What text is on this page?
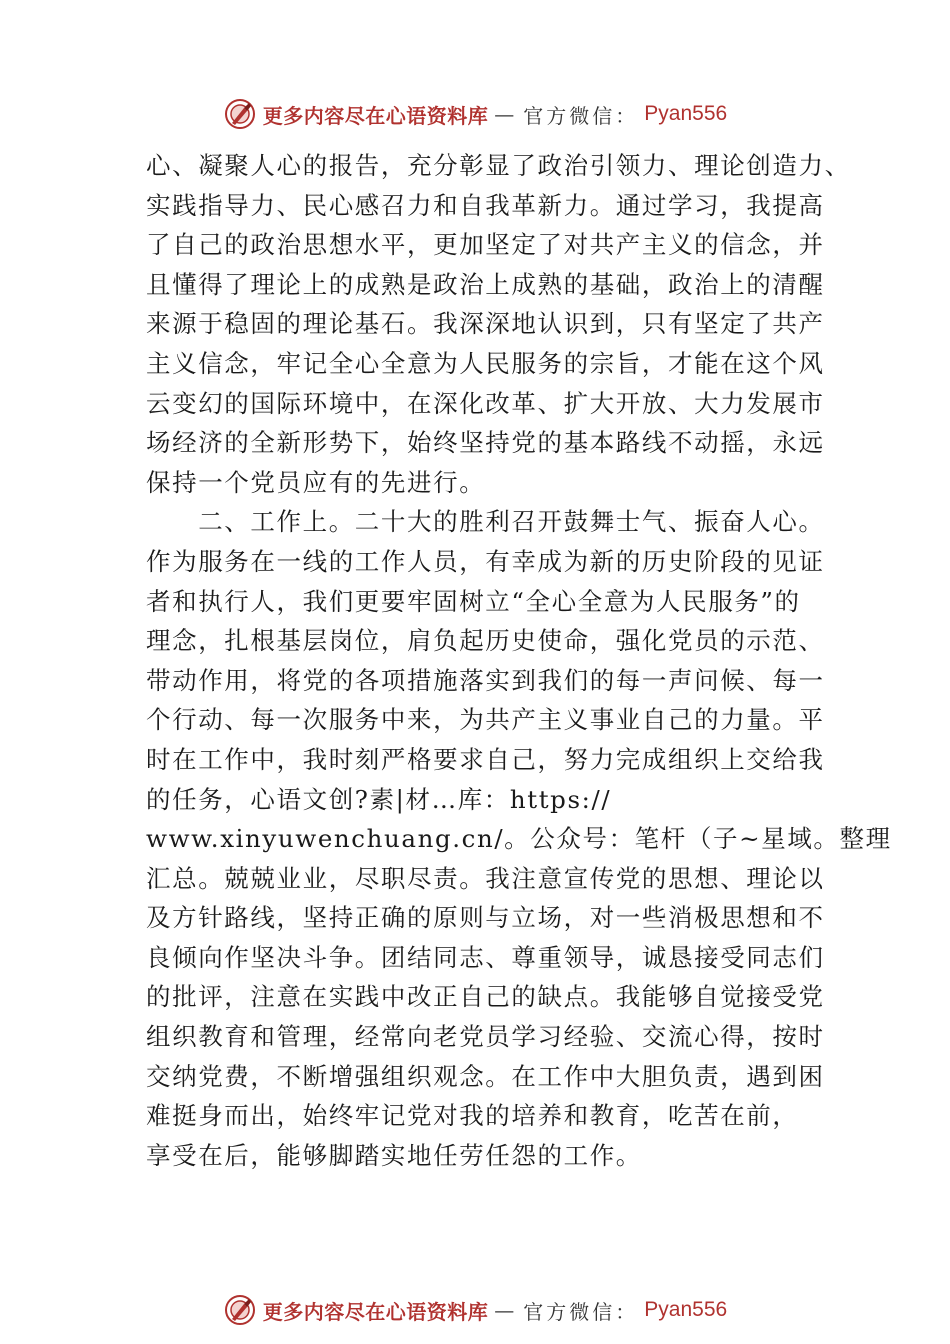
更多内容尽在心语资料库 — 官方微信： Pyan556
心、凝聚人心的报告，充分彰显了政治引领力、理论创造力、
实践指导力、民心感召力和自我革新力。通过学习，我提高
了自己的政治思想水平，更加坚定了对共产主义的信念，并
且懂得了理论上的成熟是政治上成熟的基础，政治上的清醒
来源于稳固的理论基石。我深深地认识到，只有坚定了共产
主义信念，牢记全心全意为人民服务的宗旨，才能在这个风
云变幻的国际环境中，在深化改革、扩大开放、大力发展市
场经济的全新形势下，始终坚持党的基本路线不动摇，永远
保持一个党员应有的先进行。
　　二、工作上。二十大的胜利召开鼓舞士气、振奋人心。
作为服务在一线的工作人员，有幸成为新的历史阶段的见证
者和执行人，我们更要牢固树立“全心全意为人民服务”的
理念，扎根基层岗位，肩负起历史使命，强化党员的示范、
带动作用，将党的各项措施落实到我们的每一声问候、每一
个行动、每一次服务中来，为共产主义事业自己的力量。平
时在工作中，我时刻严格要求自己，努力完成组织上交给我
的任务，心语文创?素|材…库：https://
www.xinyuwenchuang.cn/。公众号：笔杆（子~星域。整理
汇总。兢兢业业，尽职尽责。我注意宣传党的思想、理论以
及方针路线，坚持正确的原则与立场，对一些消极思想和不
良倾向作坚决斗争。团结同志、尊重领导，诚恳接受同志们
的批评，注意在实践中改正自己的缺点。我能够自觉接受党
组织教育和管理，经常向老党员学习经验、交流心得，按时
交纳党费，不断增强组织观念。在工作中大胆负责，遇到困
难挺身而出，始终牢记党对我的培养和教育，吃苦在前，
享受在后，能够脚踏实地任劳任怨的工作。
更多内容尽在心语资料库 — 官方微信： Pyan556
